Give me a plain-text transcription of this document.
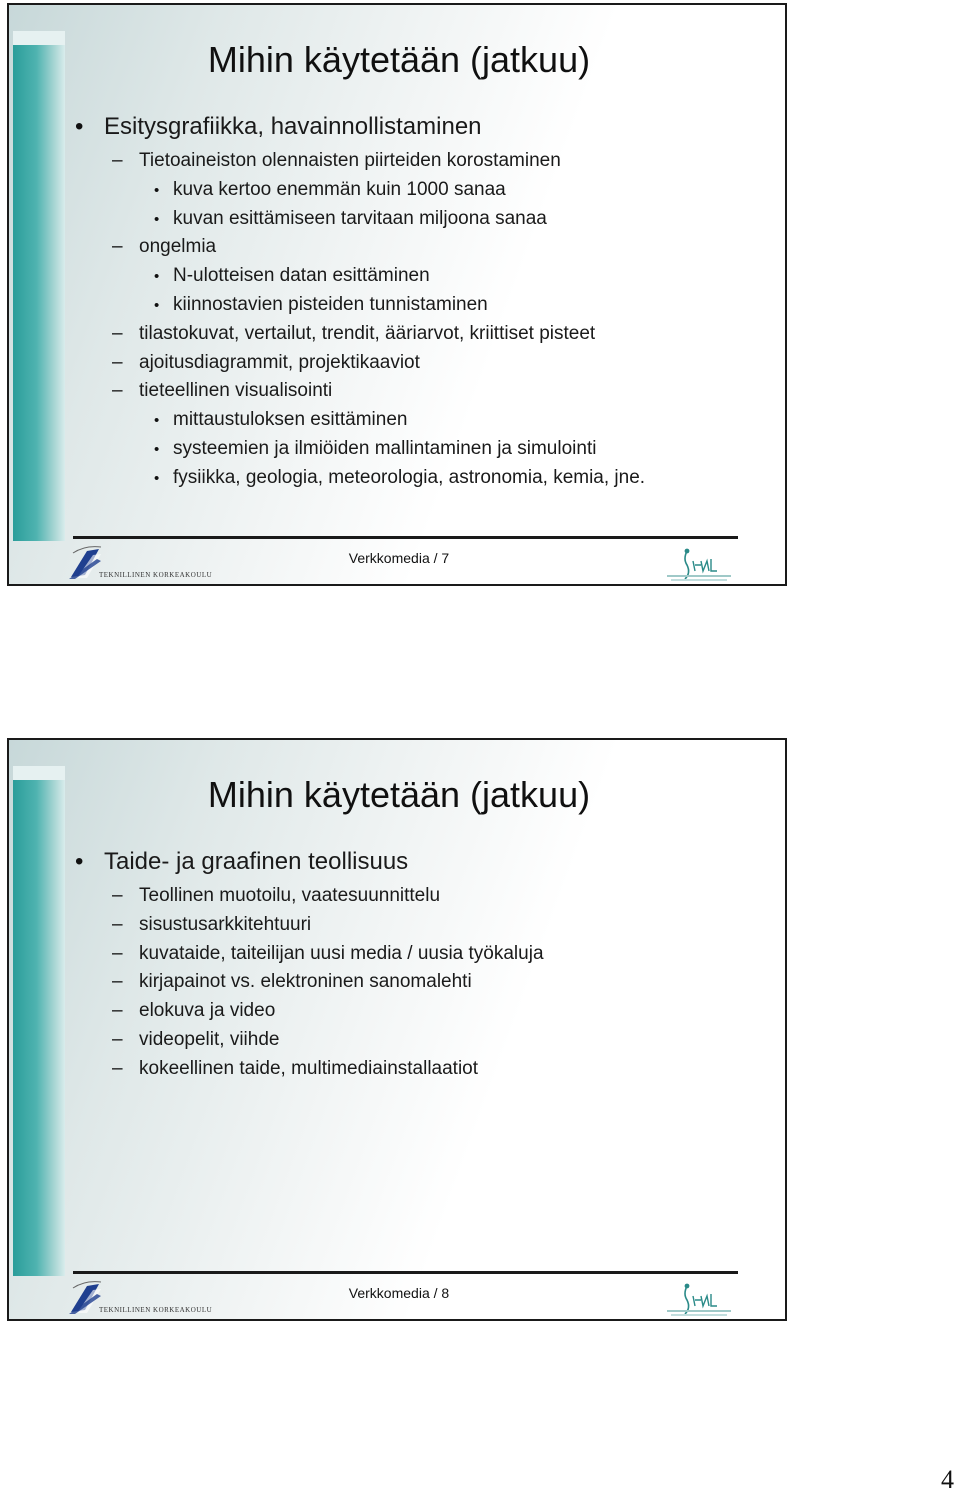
Mihin käytetään (jatkuu)
• Esitysgrafiikka, havainnollistaminen
– Tietoaineiston olennaisten piirteiden korostaminen
• kuva kertoo enemmän kuin 1000 sanaa
• kuvan esittämiseen tarvitaan miljoona sanaa
– ongelmia
• N-ulotteisen datan esittäminen
• kiinnostavien pisteiden tunnistaminen
– tilastokuvat, vertailut, trendit, ääriarvot, kriittiset pisteet
– ajoitusdiagrammit, projektikaaviot
– tieteellinen visualisointi
• mittaustuloksen esittäminen
• systeemien ja ilmiöiden mallintaminen ja simulointi
• fysiikka, geologia, meteorologia, astronomia, kemia, jne.
TEKNILLINEN KORKEAKOULU
Verkkomedia / 7
Mihin käytetään (jatkuu)
• Taide- ja graafinen teollisuus
– Teollinen muotoilu, vaatesuunnittelu
– sisustusarkkitehtuuri
– kuvataide, taiteilijan uusi media / uusia työkaluja
– kirjapainot vs. elektroninen sanomalehti
– elokuva ja video
– videopelit, viihde
– kokeellinen taide, multimediainstallaatiot
TEKNILLINEN KORKEAKOULU
Verkkomedia / 8
4
